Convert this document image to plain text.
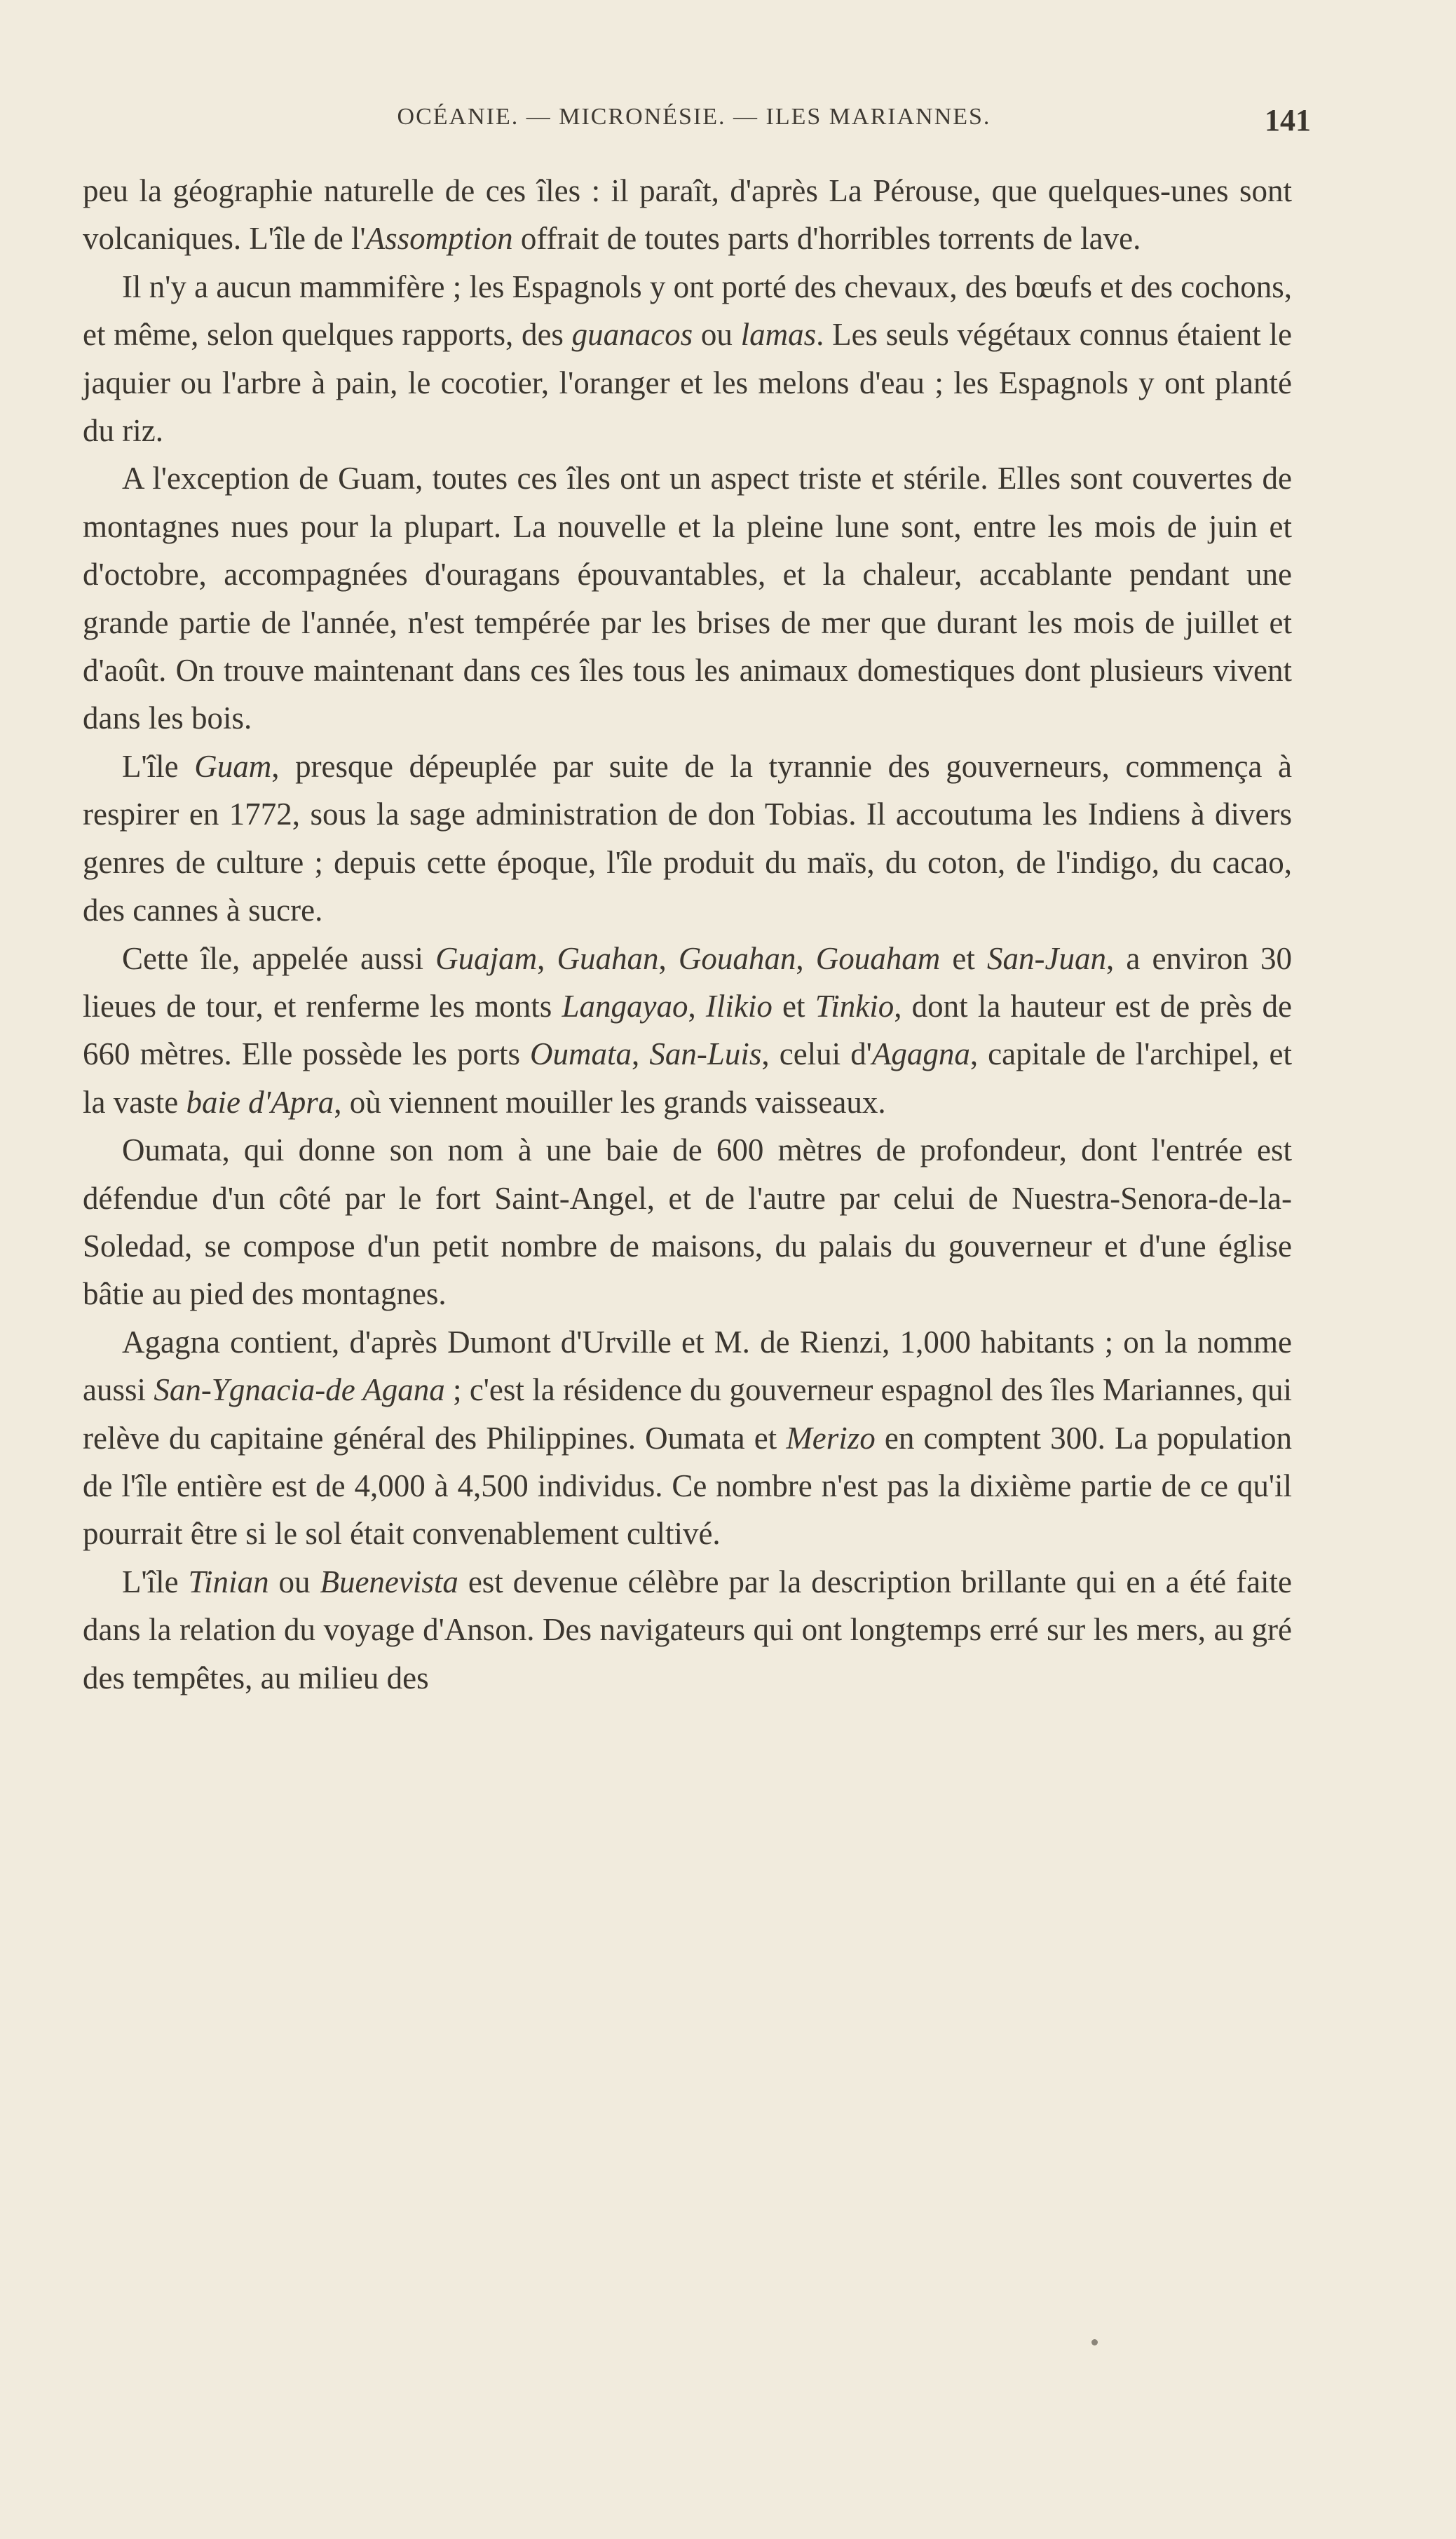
OCÉANIE. — MICRONÉSIE. — ILES MARIANNES.	141

peu la géographie naturelle de ces îles : il paraît, d'après La Pérouse, que quelques-unes sont volcaniques. L'île de l'Assomption offrait de toutes parts d'horribles torrents de lave.

Il n'y a aucun mammifère ; les Espagnols y ont porté des chevaux, des bœufs et des cochons, et même, selon quelques rapports, des guanacos ou lamas. Les seuls végétaux connus étaient le jaquier ou l'arbre à pain, le cocotier, l'oranger et les melons d'eau ; les Espagnols y ont planté du riz.

A l'exception de Guam, toutes ces îles ont un aspect triste et stérile. Elles sont couvertes de montagnes nues pour la plupart. La nouvelle et la pleine lune sont, entre les mois de juin et d'octobre, accompagnées d'ouragans épouvantables, et la chaleur, accablante pendant une grande partie de l'année, n'est tempérée par les brises de mer que durant les mois de juillet et d'août. On trouve maintenant dans ces îles tous les animaux domestiques dont plusieurs vivent dans les bois.

L'île Guam, presque dépeuplée par suite de la tyrannie des gouverneurs, commença à respirer en 1772, sous la sage administration de don Tobias. Il accoutuma les Indiens à divers genres de culture ; depuis cette époque, l'île produit du maïs, du coton, de l'indigo, du cacao, des cannes à sucre.

Cette île, appelée aussi Guajam, Guahan, Gouahan, Gouaham et San-Juan, a environ 30 lieues de tour, et renferme les monts Langayao, Ilikio et Tinkio, dont la hauteur est de près de 660 mètres. Elle possède les ports Oumata, San-Luis, celui d'Agagna, capitale de l'archipel, et la vaste baie d'Apra, où viennent mouiller les grands vaisseaux.

Oumata, qui donne son nom à une baie de 600 mètres de profondeur, dont l'entrée est défendue d'un côté par le fort Saint-Angel, et de l'autre par celui de Nuestra-Senora-de-la-Soledad, se compose d'un petit nombre de maisons, du palais du gouverneur et d'une église bâtie au pied des montagnes.

Agagna contient, d'après Dumont d'Urville et M. de Rienzi, 1,000 habitants ; on la nomme aussi San-Ygnacia-de Agana ; c'est la résidence du gouverneur espagnol des îles Mariannes, qui relève du capitaine général des Philippines. Oumata et Merizo en comptent 300. La population de l'île entière est de 4,000 à 4,500 individus. Ce nombre n'est pas la dixième partie de ce qu'il pourrait être si le sol était convenablement cultivé.

L'île Tinian ou Buenevista est devenue célèbre par la description brillante qui en a été faite dans la relation du voyage d'Anson. Des navigateurs qui ont longtemps erré sur les mers, au gré des tempêtes, au milieu des
